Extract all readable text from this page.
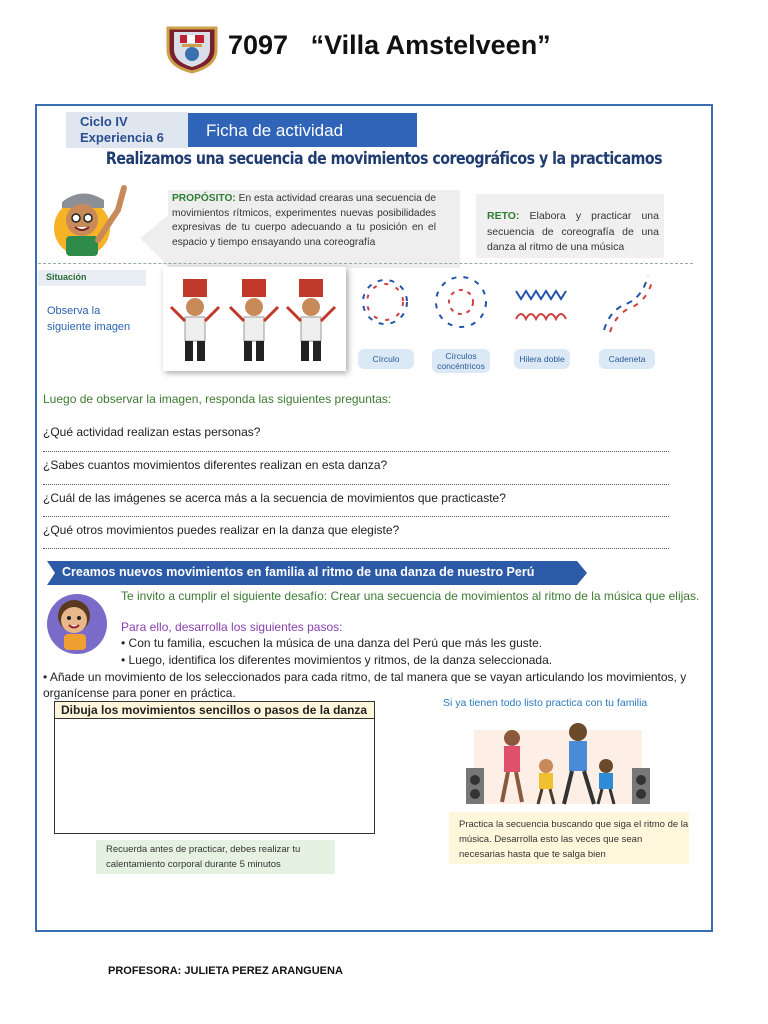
7097   “Villa Amstelveen”
Ciclo IV
Experiencia 6	Ficha de actividad
Realizamos una secuencia de movimientos coreográficos y la practicamos
PROPÓSITO: En esta actividad crearas una secuencia de movimientos rítmicos, experimentes nuevas posibilidades expresivas de tu cuerpo adecuando a tu posición en el espacio y tiempo ensayando una coreografía
RETO: Elabora y practicar una secuencia de coreografía de una danza al ritmo de una música
Situación
Observa la
siguiente imagen
Círculo	Círculos concéntricos
Hilera doble	Cadeneta
Luego de observar la imagen, responda las siguientes preguntas:
¿Qué actividad realizan estas personas?
¿Sabes cuantos movimientos diferentes realizan en esta danza?
¿Cuál de las imágenes se acerca más a la secuencia de movimientos que practicaste?
¿Qué otros movimientos puedes realizar en la danza que elegiste?
Creamos nuevos movimientos en familia al ritmo de una danza de nuestro Perú
Te invito a cumplir el siguiente desafío: Crear una secuencia de movimientos al ritmo de la música que elijas.
Para ello, desarrolla los siguientes pasos:
• Con tu familia, escuchen la música de una danza del Perú que más les guste.
• Luego, identifica los diferentes movimientos y ritmos, de la danza seleccionada.
• Añade un movimiento de los seleccionados para cada ritmo, de tal manera que se vayan articulando los movimientos, y organícense para poner en práctica.
Dibuja los movimientos sencillos o pasos de la danza
Recuerda antes de practicar, debes realizar tu calentamiento corporal durante 5 minutos
Si ya tienen todo listo practica con tu familia
Practica la secuencia buscando que siga el ritmo de la música. Desarrolla esto las veces que sean necesarias hasta que te salga bien
PROFESORA: JULIETA PEREZ ARANGUENA
